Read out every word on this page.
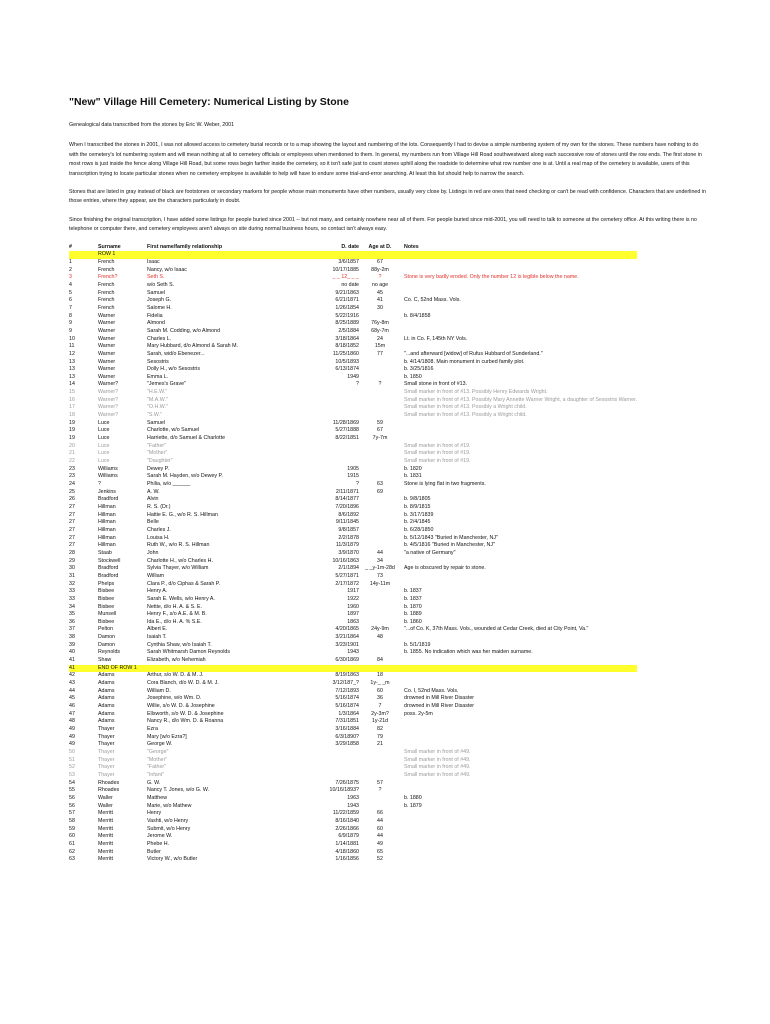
"New" Village Hill Cemetery: Numerical Listing by Stone
Genealogical data transcribed from the stones by Eric W. Weber, 2001
When I transcribed the stones in 2001, I was not allowed access to cemetery burial records or to a map showing the layout and numbering of the lots. Consequently I had to devise a simple numbering system of my own for the stones. These numbers have nothing to do with the cemetery's lot numbering system and will mean nothing at all to cemetery officials or employees when mentioned to them. In general, my numbers run from Village Hill Road southwestward along each successive row of stones until the row ends. The first stone in most rows is just inside the fence along Village Hill Road, but some rows begin farther inside the cemetery, so it isn't safe just to count stones uphill along the roadside to determine what row number one is at. Until a real map of the cemetery is available, users of this transcription trying to locate particular stones when no cemetery employee is available to help will have to endure some trial-and-error searching. At least this list should help to narrow the search.
Stones that are listed in gray instead of black are footstones or secondary markers for people whose main monuments have other numbers, usually very close by. Listings in red are ones that need checking or can't be read with confidence. Characters that are underlined in those entries, where they appear, are the characters particularly in doubt.
Since finishing the original transcription, I have added some listings for people buried since 2001 -- but not many, and certainly nowhere near all of them. For people buried since mid-2001, you will need to talk to someone at the cemetery office. At this writing there is no telephone or computer there, and cemetery employees aren't always on site during normal business hours, so contact isn't always easy.
#	Surname	First name/family relationship	D. date	Age at D.	Notes
	ROW 1				
1	French	Isaac	3/6/1857	67	
2	French	Nancy, w/o Isaac	10/17/1885	88y-2m	
3	French?	Seth S.	_ _ 12_ _ _	?	Stone is very badly eroded. Only the number 12 is legible below the name.
4	French	w/o Seth S.	no date	no age	
5	French	Samuel	9/21/1863	45	
6	French	Joseph G.	6/21/1871	41	Co. C, 52nd Mass. Vols.
7	French	Salome H.	1/26/1854	30	
8	Warner	Fidelia	5/22/1916		b. 8/4/1858
9	Warner	Almond	8/25/1889	76y-8m	
9	Warner	Sarah M. Codding, w/o Almond	2/5/1884	68y-7m	
10	Warner	Charles L.	3/18/1864	24	Lt. in Co. F, 145th NY Vols.
11	Warner	Mary Hubbard, d/o Almond & Sarah M.	8/18/1852	15m	
12	Warner	Sarah, wid/o Ebenezer...	11/25/1860	77	"...and afterward [widow] of Rufus Hubbard of Sunderland."
13	Warner	Sesostris	10/5/1893		b. 4/14/1808. Main monument in curbed family plot.
13	Warner	Dolly H., w/o Sesostris	6/13/1874		b. 3/25/1816
13	Warner	Emma L.	1949		b. 1850
14	Warner?	"Jemes's Grave"	?	?	Small stone in front of #13.
15	Warner?	"H.E.W."			Small marker in front of #13. Possibly Henry Edwards Wright.
16	Warner?	"M.A.W."			Small marker in front of #13. Possibly Mary Annette Warner Wright, a daughter of Sesostris Warner.
17	Warner?	"O.H.W."			Small marker in front of #13. Possibly a Wright child.
18	Warner?	"S.W."			Small marker in front of #13. Possibly a Wright child.
19	Luce	Samuel	11/28/1869	59	
19	Luce	Charlotte, w/o Samuel	5/27/1888	67	
19	Luce	Harriette, d/o Samuel & Charlotte	8/22/1851	7y-7m	
20	Luce	"Father"			Small marker in front of #19.
21	Luce	"Mother"			Small marker in front of #19.
22	Luce	"Daughter"			Small marker in front of #19.
23	Williams	Dewey P.	1905		b. 1820
23	Williams	Sarah M. Hayden, w/o Dewey P.	1915		b. 1831
24	?	Philia, w/o ______	?	63	Stone is lying flat in two fragments.
25	Jenkins	A. W.	2/11/1871	69	
26	Bradford	Alvin	8/14/1877		b. 9/8/1805
27	Hillman	R. S. (Dr.)	7/20/1896		b. 8/9/1815
27	Hillman	Hattie E. G., w/o R. S. Hillman	8/6/1892		b. 3/17/1839
27	Hillman	Belle	9/11/1845		b. 2/4/1845
27	Hillman	Charles J.	9/8/1857		b. 6/28/1850
27	Hillman	Louisa H.	2/2/1878		b. 5/12/1843 "Buried in Manchester, NJ"
27	Hillman	Ruth W., w/o R. S. Hillman	11/3/1879		b. 4/5/1816 "Buried in Manchester, NJ"
28	Staab	John	3/9/1870	44	"a native of Germany"
29	Stockwell	Charlotte H., w/o Charles H.	10/16/1863	34	
30	Bradford	Sylvia Thayer, w/o William	2/1/1894	_ _y-1m-28d	Age is obscured by repair to stone.
31	Bradford	William	5/27/1871	73	
32	Phelps	Clara P., d/o Ciphas & Sarah P.	2/17/1872	14y-11m	
33	Bisbee	Henry A.	1917		b. 1837
33	Bisbee	Sarah E. Wells, w/o Henry A.	1922		b. 1837
34	Bisbee	Nettie, d/o H. A. & S. E.	1960		b. 1870
35	Munsell	Henry F., s/o A.E. & M. B.	1897		b. 1889
36	Bisbee	Ida E., d/o H. A. % S.E.	1863		b. 1860
37	Pelton	Albert E.	4/20/1865	24y-9m	"...of Co. K, 37th Mass. Vols., wounded at Cedar Creek, died at City Point, Va."
38	Damon	Isaiah T.	3/21/1864	48	
39	Damon	Cynthia Shaw, w/o Isaiah T.	3/23/1901		b. 5/1/1819
40	Reynolds	Sarah Whitmarsh Damon Reynolds	1943		b. 1855. No indication which was her maiden surname.
41	Shaw	Elizabeth, w/o Nehemiah	6/30/1869	84	
41	END OF ROW 1				
42	Adams	Arthur, s/o W. D. & M. J.	8/19/1863	18	
43	Adams	Cora Blanch, d/o W. D. & M. J.	3/12/187_?	1y-_ _m	
44	Adams	William D.	7/12/1893	60	Co. I, 52nd Mass. Vols.
45	Adams	Josephine, w/o Wm. D.	5/16/1874	36	drowned in Mill River Disaster
46	Adams	Willie, s/o W. D. & Josephine	5/16/1874	7	drowned in Mill River Disaster
47	Adams	Ellsworth, s/o W. D. & Josephine	1/3/1864	2y-3m?	poss. 2y-5m
48	Adams	Nancy R., d/o Wm. D. & Roanna	7/31/1851	1y-21d	
49	Thayer	Ezra	3/16/1884	82	
49	Thayer	Mary [w/o Ezra?]	6/3/1890?	79	
49	Thayer	George W.	3/29/1858	21	
50	Thayer	"George"			Small marker in front of #49.
51	Thayer	"Mother"			Small marker in front of #49.
52	Thayer	"Father"			Small marker in front of #49.
53	Thayer	"Infant"			Small marker in front of #49.
54	Rhoades	G. W.	7/26/1875	57	
55	Rhoades	Nancy T. Jones, w/o G. W.	10/16/1893?	?	
56	Waller	Matthew	1963		b. 1880
56	Waller	Marie, w/o Mathew	1943		b. 1879
57	Merritt	Henry	11/22/1859	66	
58	Merritt	Vashti, w/o Henry	8/16/1840	44	
59	Merritt	Submit, w/o Henry	2/26/1866	60	
60	Merritt	Jerome W.	6/9/1879	44	
61	Merritt	Phebe H.	1/14/1881	49	
62	Merritt	Butler	4/18/1860	65	
63	Merritt	Victory W., w/o Butler	1/16/1856	52	
